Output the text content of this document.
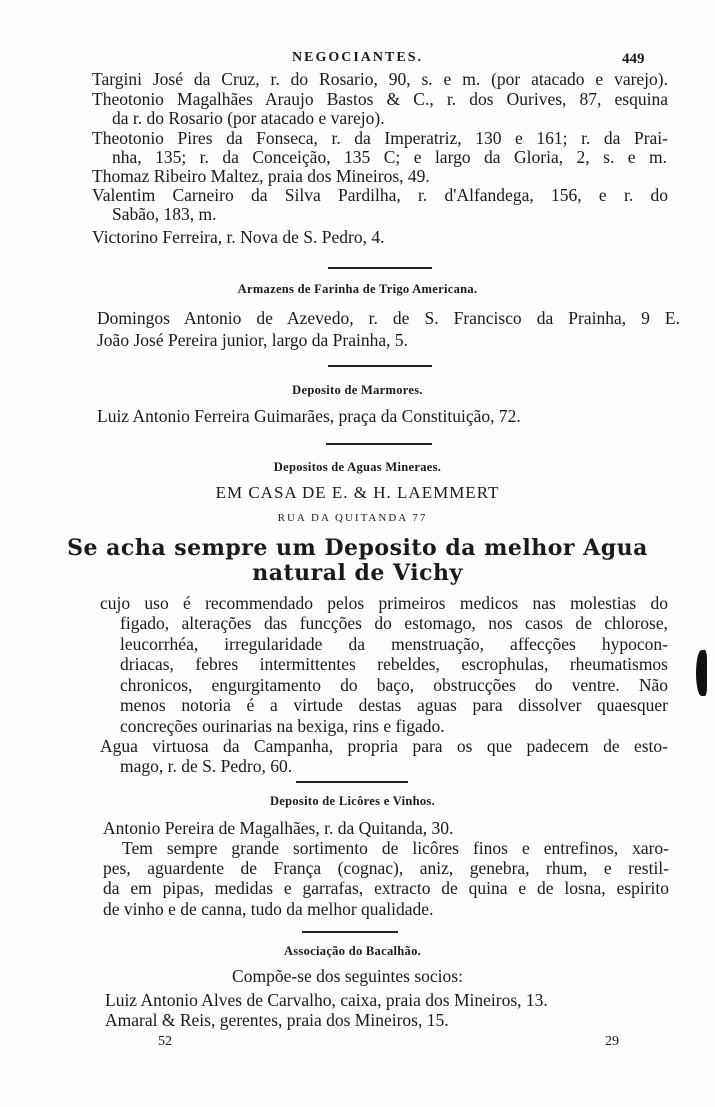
NEGOCIANTES.	449
Targini José da Cruz, r. do Rosario, 90, s. e m. (por atacado e varejo).
Theotonio Magalhães Araujo Bastos & C., r. dos Ourives, 87, esquina
da r. do Rosario (por atacado e varejo).
Theotonio Pires da Fonseca, r. da Imperatriz, 130 e 161; r. da Prai-
nha, 135; r. da Conceição, 135 C; e largo da Gloria, 2, s. e m.
Thomaz Ribeiro Maltez, praia dos Mineiros, 49.
Valentim Carneiro da Silva Pardilha, r. d'Alfandega, 156, e r. do
Sabão, 183, m.
Victorino Ferreira, r. Nova de S. Pedro, 4.
Armazens de Farinha de Trigo Americana.
Domingos Antonio de Azevedo, r. de S. Francisco da Prainha, 9 E.
João José Pereira junior, largo da Prainha, 5.
Deposito de Marmores.
Luiz Antonio Ferreira Guimarães, praça da Constituição, 72.
Depositos de Aguas Mineraes.
EM CASA DE E. & H. LAEMMERT
RUA DA QUITANDA 77
Se acha sempre um Deposito da melhor Agua
natural de Vichy
cujo uso é recommendado pelos primeiros medicos nas molestias do
figado, alterações das funcções do estomago, nos casos de chlorose,
leucorrhéa, irregularidade da menstruação, affecções hypocon-
driacas, febres intermittentes rebeldes, escrophulas, rheumatismos
chronicos, engurgitamento do baço, obstrucções do ventre. Não
menos notoria é a virtude destas aguas para dissolver quaesquer
concreções ourinarias na bexiga, rins e figado.
Agua virtuosa da Campanha, propria para os que padecem de esto-
mago, r. de S. Pedro, 60.
Deposito de Licôres e Vinhos.
Antonio Pereira de Magalhães, r. da Quitanda, 30.
Tem sempre grande sortimento de licôres finos e entrefinos, xaro-
pes, aguardente de França (cognac), aniz, genebra, rhum, e restil-
da em pipas, medidas e garrafas, extracto de quina e de losna, espirito
de vinho e de canna, tudo da melhor qualidade.
Associação do Bacalhão.
Compõe-se dos seguintes socios:
Luiz Antonio Alves de Carvalho, caixa, praia dos Mineiros, 13.
Amaral & Reis, gerentes, praia dos Mineiros, 15.
52	29
